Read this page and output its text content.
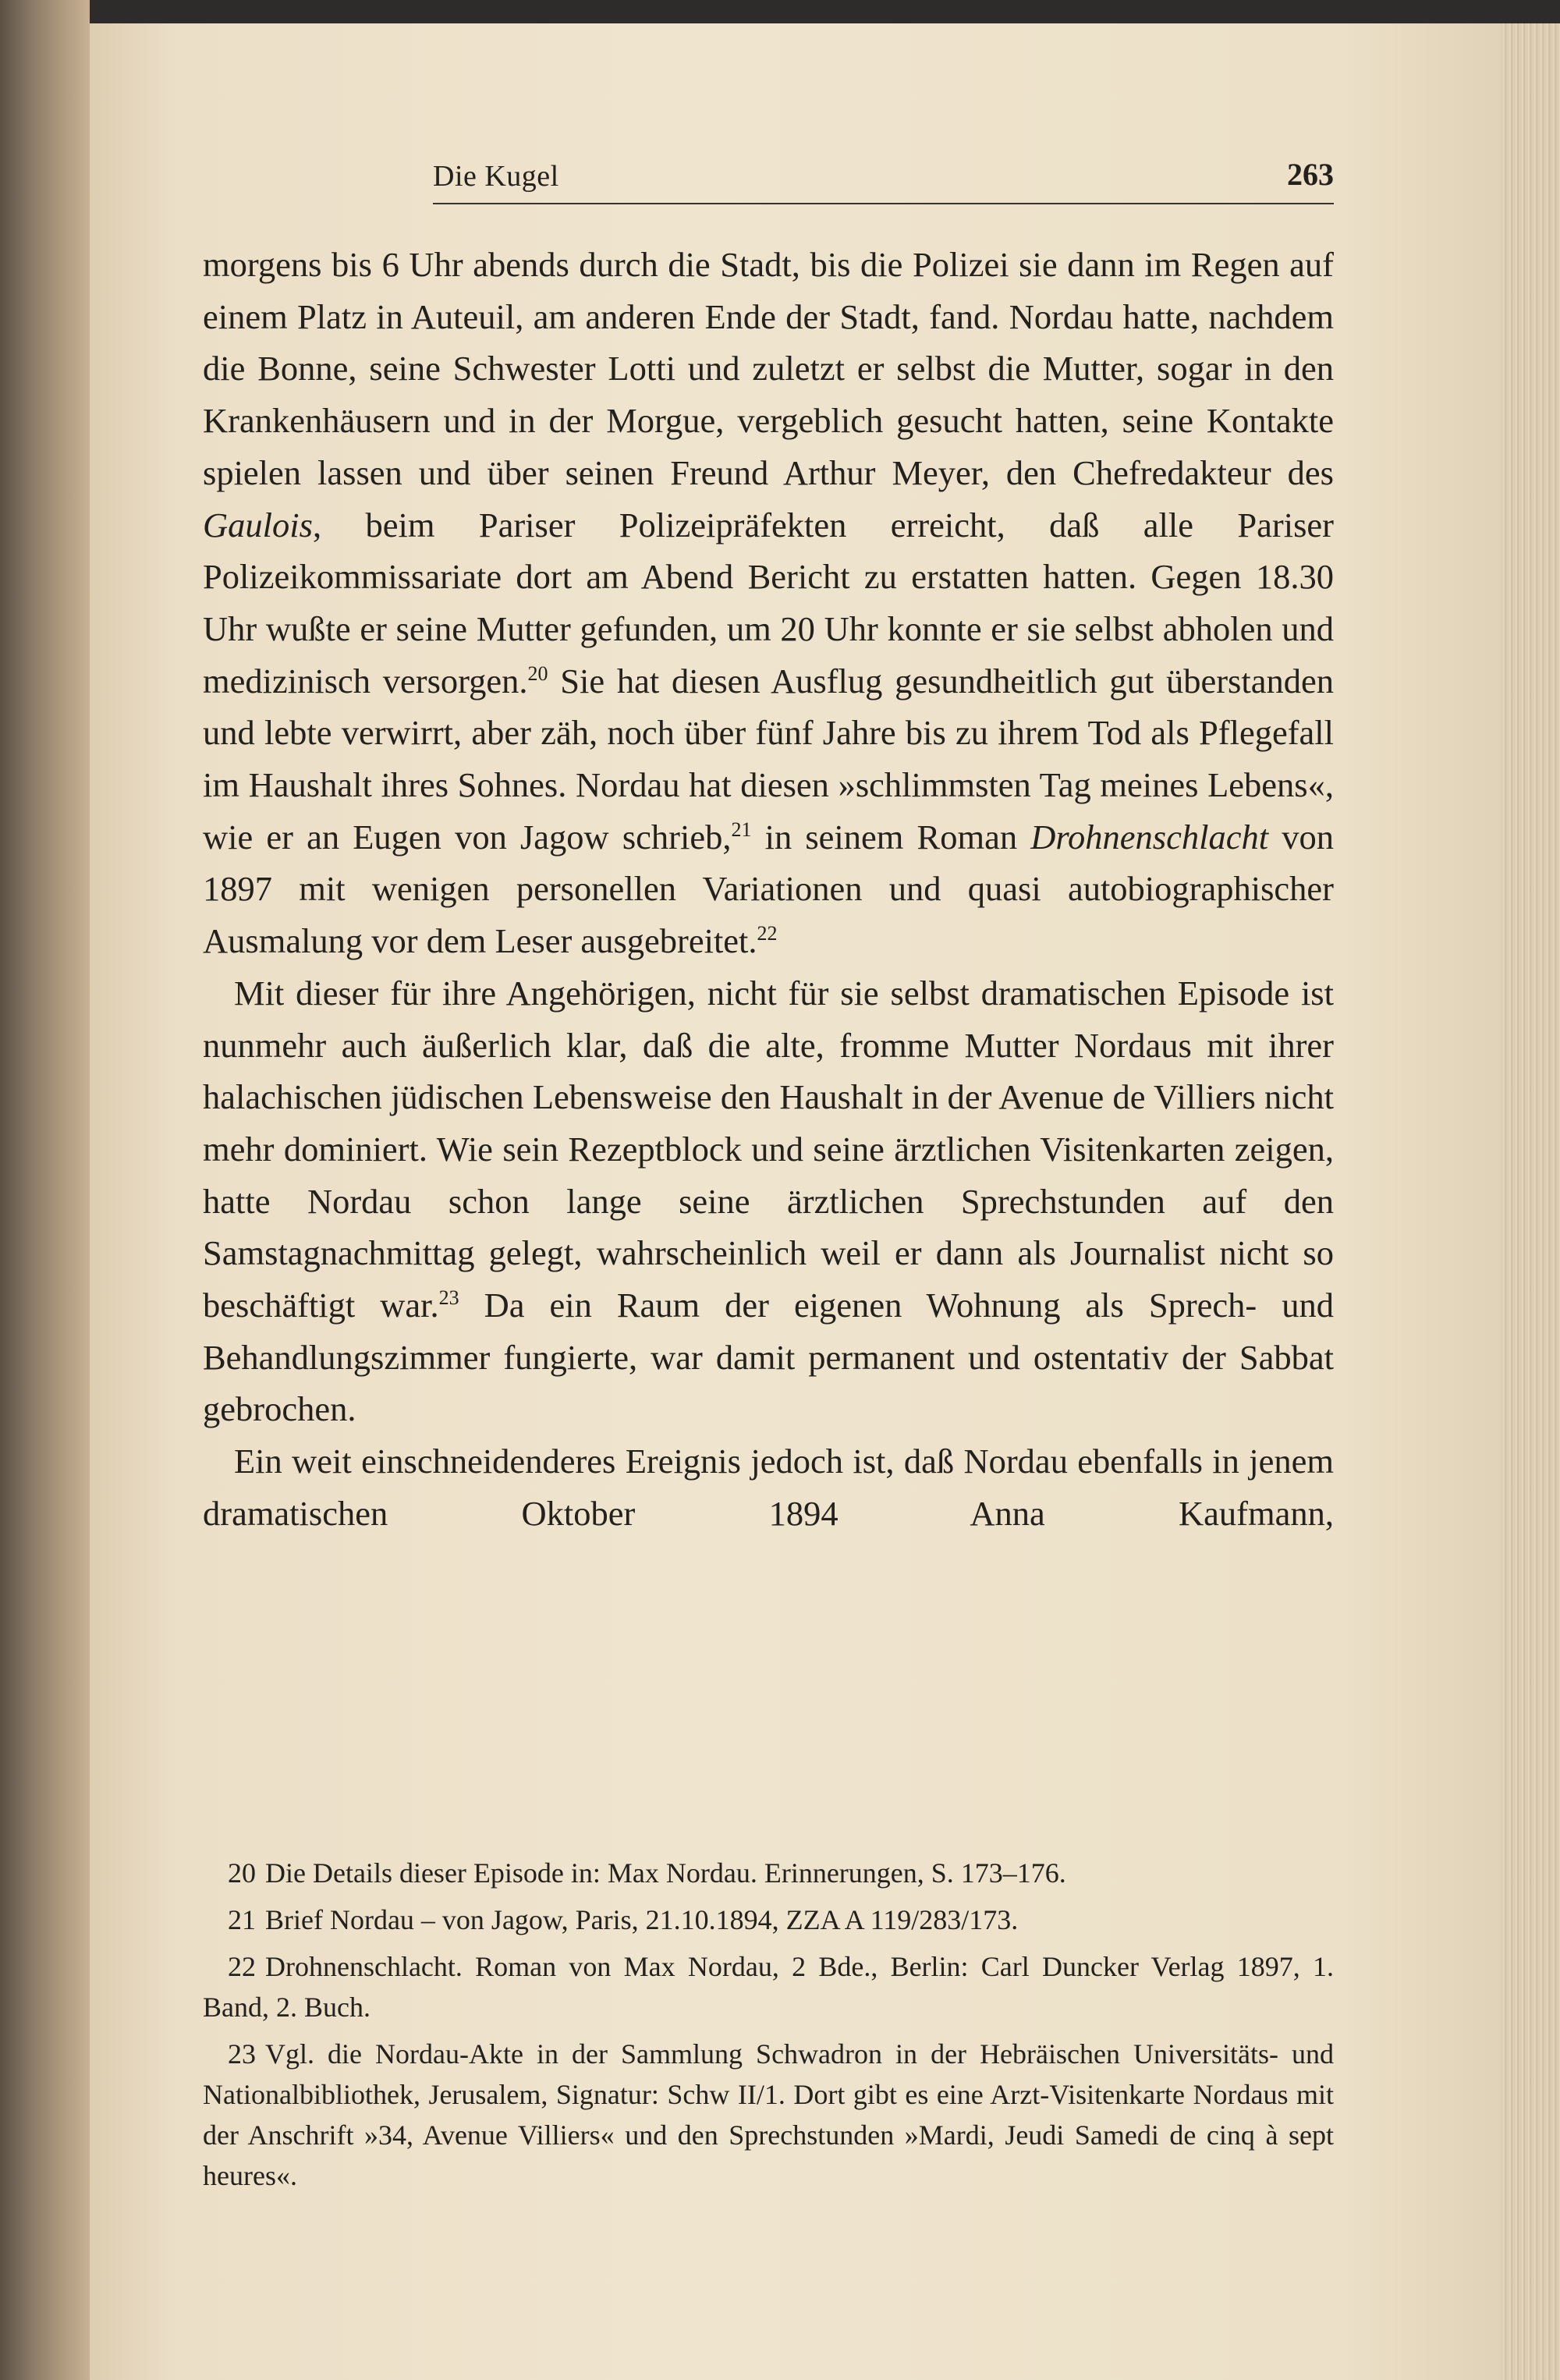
Die Kugel	263

morgens bis 6 Uhr abends durch die Stadt, bis die Polizei sie dann im Regen auf einem Platz in Auteuil, am anderen Ende der Stadt, fand. Nordau hatte, nachdem die Bonne, seine Schwester Lotti und zuletzt er selbst die Mutter, sogar in den Krankenhäusern und in der Morgue, vergeblich gesucht hatten, seine Kontakte spielen lassen und über seinen Freund Arthur Meyer, den Chefredakteur des Gaulois, beim Pariser Polizeipräfekten erreicht, daß alle Pariser Polizeikommissariate dort am Abend Bericht zu erstatten hatten. Gegen 18.30 Uhr wußte er seine Mutter gefunden, um 20 Uhr konnte er sie selbst abholen und medizinisch versorgen.$^{20}$ Sie hat diesen Ausflug gesundheitlich gut überstanden und lebte verwirrt, aber zäh, noch über fünf Jahre bis zu ihrem Tod als Pflegefall im Haushalt ihres Sohnes. Nordau hat diesen »schlimmsten Tag meines Lebens«, wie er an Eugen von Jagow schrieb,$^{21}$ in seinem Roman Drohnenschlacht von 1897 mit wenigen personellen Variationen und quasi autobiographischer Ausmalung vor dem Leser ausgebreitet.$^{22}$

Mit dieser für ihre Angehörigen, nicht für sie selbst dramatischen Episode ist nunmehr auch äußerlich klar, daß die alte, fromme Mutter Nordaus mit ihrer halachischen jüdischen Lebensweise den Haushalt in der Avenue de Villiers nicht mehr dominiert. Wie sein Rezeptblock und seine ärztlichen Visitenkarten zeigen, hatte Nordau schon lange seine ärztlichen Sprechstunden auf den Samstagnachmittag gelegt, wahrscheinlich weil er dann als Journalist nicht so beschäftigt war.$^{23}$ Da ein Raum der eigenen Wohnung als Sprech- und Behandlungszimmer fungierte, war damit permanent und ostentativ der Sabbat gebrochen.

Ein weit einschneidenderes Ereignis jedoch ist, daß Nordau ebenfalls in jenem dramatischen Oktober 1894 Anna Kaufmann,

20 Die Details dieser Episode in: Max Nordau. Erinnerungen, S. 173–176.
21 Brief Nordau – von Jagow, Paris, 21.10.1894, ZZA A 119/283/173.
22 Drohnenschlacht. Roman von Max Nordau, 2 Bde., Berlin: Carl Duncker Verlag 1897, 1. Band, 2. Buch.
23 Vgl. die Nordau-Akte in der Sammlung Schwadron in der Hebräischen Universitäts- und Nationalbibliothek, Jerusalem, Signatur: Schw II/1. Dort gibt es eine Arzt-Visitenkarte Nordaus mit der Anschrift »34, Avenue Villiers« und den Sprechstunden »Mardi, Jeudi Samedi de cinq à sept heures«.
